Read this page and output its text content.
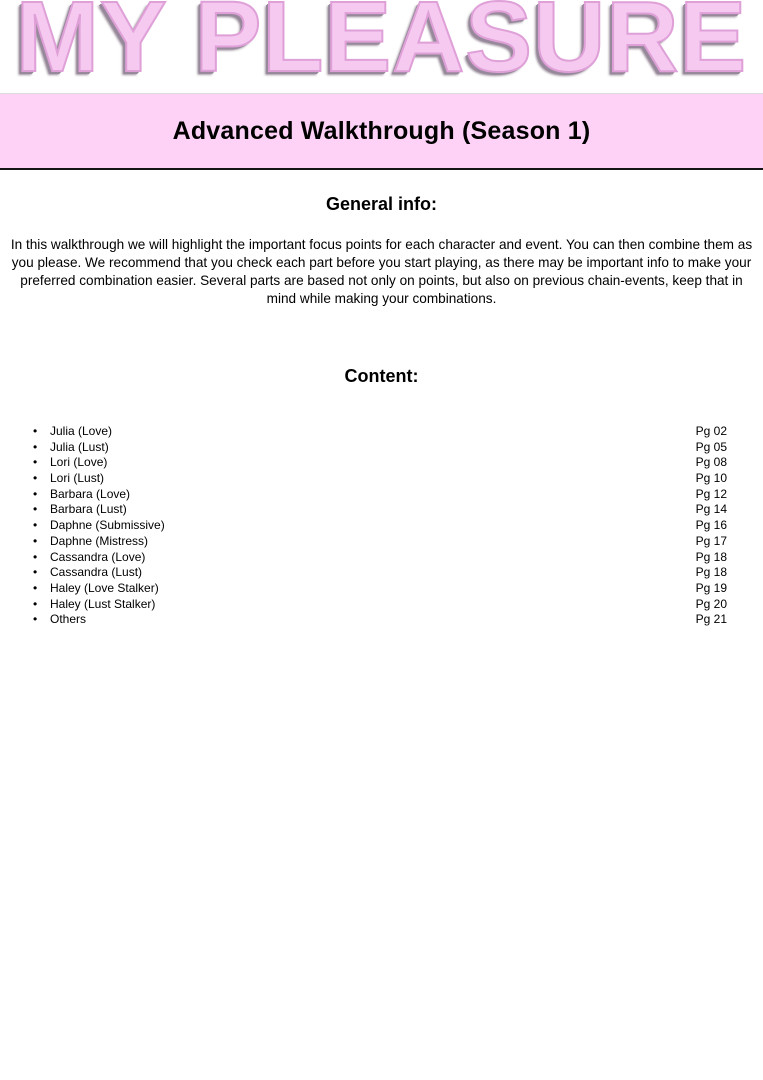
MY PLEASURE
Advanced Walkthrough (Season 1)
General info:

In this walkthrough we will highlight the important focus points for each character and event. You can then combine them as you please. We recommend that you check each part before you start playing, as there may be important info to make your preferred combination easier. Several parts are based not only on points, but also on previous chain-events, keep that in mind while making your combinations.

Content:
•	Julia (Love)	Pg 02
•	Julia (Lust)	Pg 05
•	Lori (Love)	Pg 08
•	Lori (Lust)	Pg 10
•	Barbara (Love)	Pg 12
•	Barbara (Lust)	Pg 14
•	Daphne (Submissive)	Pg 16
•	Daphne (Mistress)	Pg 17
•	Cassandra (Love)	Pg 18
•	Cassandra (Lust)	Pg 18
•	Haley (Love Stalker)	Pg 19
•	Haley (Lust Stalker)	Pg 20
•	Others	Pg 21
